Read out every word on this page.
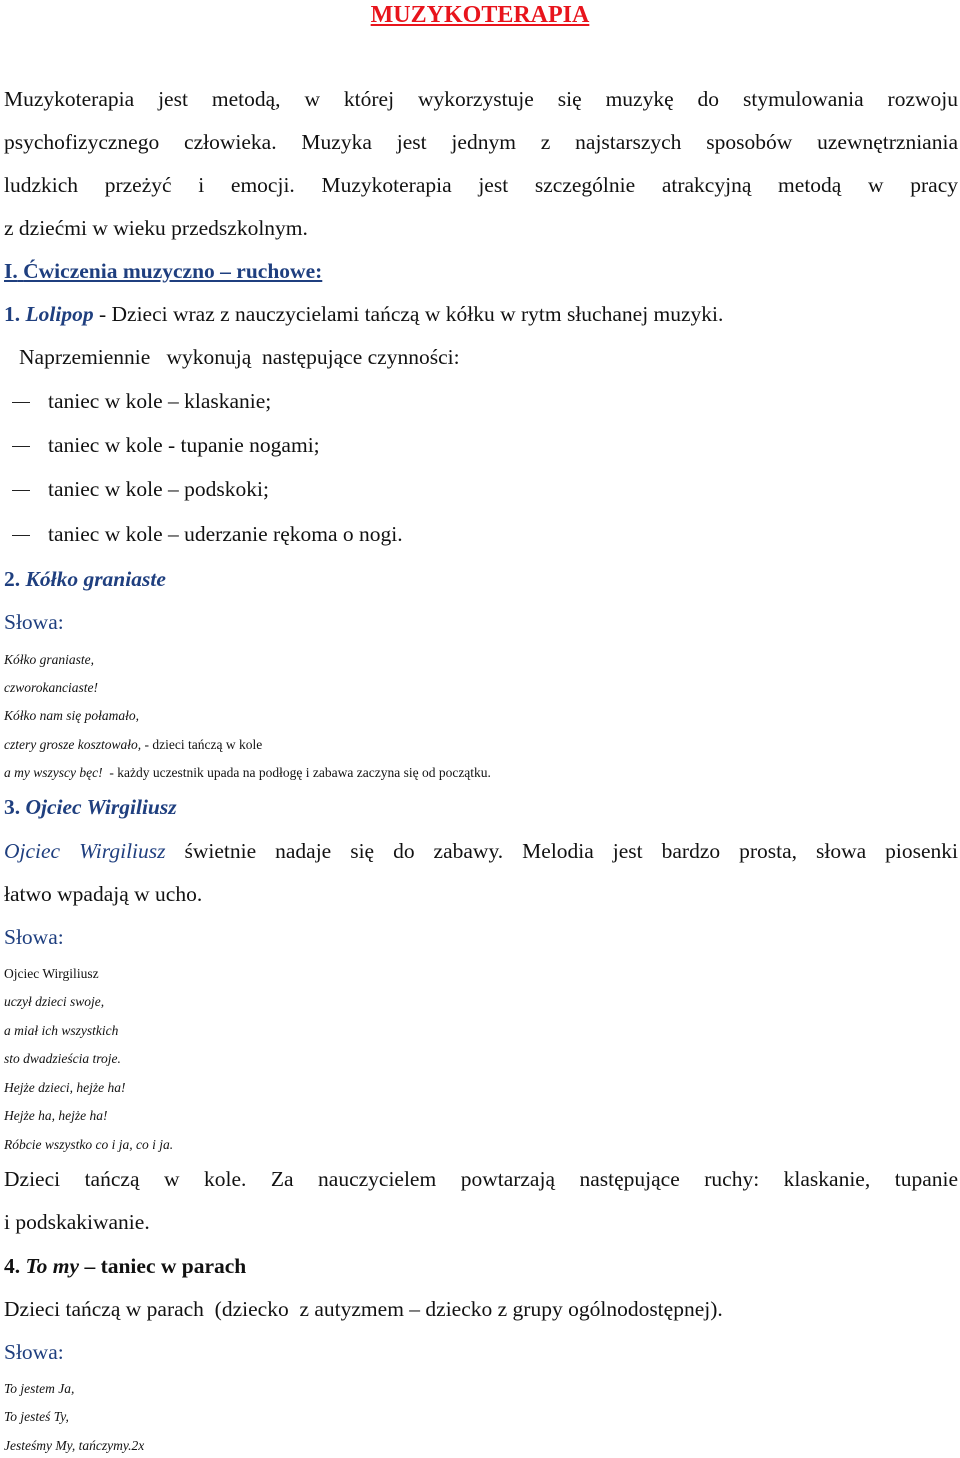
MUZYKOTERAPIA
Muzykoterapia jest metodą, w której wykorzystuje się muzykę do stymulowania rozwoju
psychofizycznego człowieka. Muzyka jest jednym z najstarszych sposobów uzewnętrzniania
ludzkich przeżyć i emocji. Muzykoterapia jest szczególnie atrakcyjną metodą w pracy
z dziećmi w wieku przedszkolnym.
I. Ćwiczenia muzyczno – ruchowe:
1. Lolipop - Dzieci wraz z nauczycielami tańczą w kółku w rytm słuchanej muzyki.
Naprzemiennie   wykonują  następujące czynności:
taniec w kole – klaskanie;
taniec w kole - tupanie nogami;
taniec w kole – podskoki;
taniec w kole – uderzanie rękoma o nogi.
2. Kółko graniaste
Słowa:
Kółko graniaste,
czworokanciaste!
Kółko nam się połamało,
cztery grosze kosztowało, - dzieci tańczą w kole
a my wszyscy bęc!  - każdy uczestnik upada na podłogę i zabawa zaczyna się od początku.
3. Ojciec Wirgiliusz
Ojciec Wirgiliusz świetnie nadaje się do zabawy. Melodia jest bardzo prosta, słowa piosenki
łatwo wpadają w ucho.
Słowa:
Ojciec Wirgiliusz
uczył dzieci swoje,
a miał ich wszystkich
sto dwadzieścia troje.
Hejże dzieci, hejże ha!
Hejże ha, hejże ha!
Róbcie wszystko co i ja, co i ja.
Dzieci tańczą w kole. Za nauczycielem powtarzają następujące ruchy: klaskanie, tupanie
i podskakiwanie.
4. To my – taniec w parach
Dzieci tańczą w parach  (dziecko  z autyzmem – dziecko z grupy ogólnodostępnej).
Słowa:
To jestem Ja,
To jesteś Ty,
Jesteśmy My, tańczymy.2x
